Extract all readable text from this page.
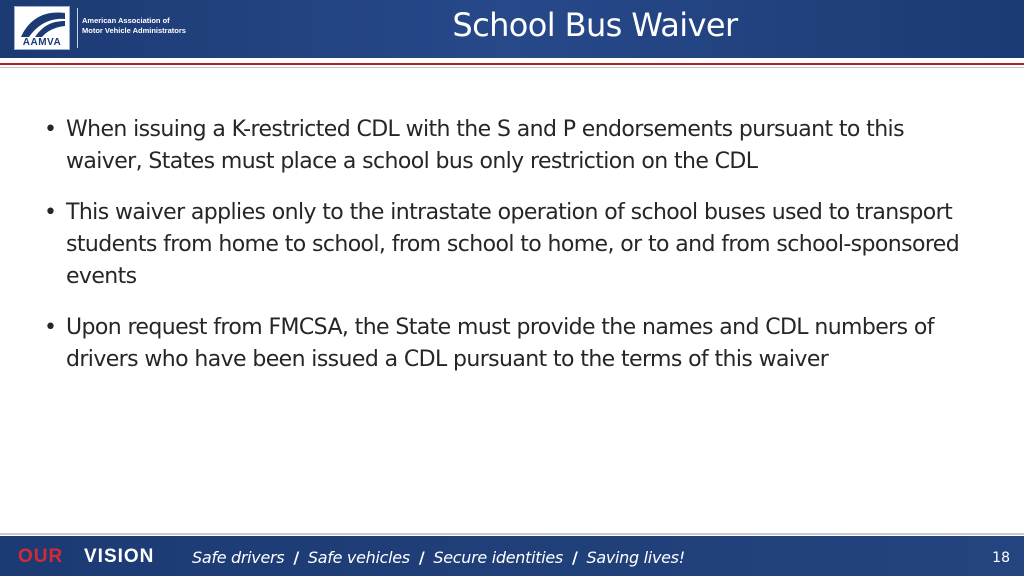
AAMVA
American Association of
Motor Vehicle Administrators	School Bus Waiver
• When issuing a K-restricted CDL with the S and P endorsements pursuant to this waiver, States must place a school bus only restriction on the CDL
• This waiver applies only to the intrastate operation of school buses used to transport students from home to school, from school to home, or to and from school-sponsored events
• Upon request from FMCSA, the State must provide the names and CDL numbers of drivers who have been issued a CDL pursuant to the terms of this waiver
OUR VISION Safe drivers / Safe vehicles / Secure identities / Saving lives!	18
